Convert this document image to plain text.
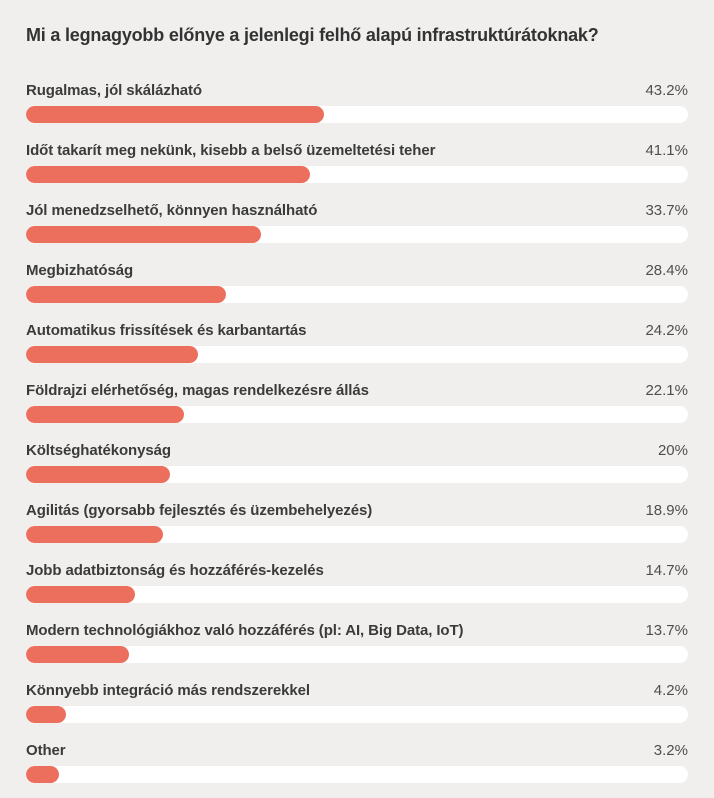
Mi a legnagyobb előnye a jelenlegi felhő alapú infrastruktúrátoknak?
Rugalmas, jól skálázható	43.2%
Időt takarít meg nekünk, kisebb a belső üzemeltetési teher	41.1%
Jól menedzselhető, könnyen használható	33.7%
Megbizhatóság	28.4%
Automatikus frissítések és karbantartás	24.2%
Földrajzi elérhetőség, magas rendelkezésre állás	22.1%
Költséghatékonyság	20%
Agilitás (gyorsabb fejlesztés és üzembehelyezés)	18.9%
Jobb adatbiztonság és hozzáférés-kezelés	14.7%
Modern technológiákhoz való hozzáférés (pl: AI, Big Data, IoT)	13.7%
Könnyebb integráció más rendszerekkel	4.2%
Other	3.2%
